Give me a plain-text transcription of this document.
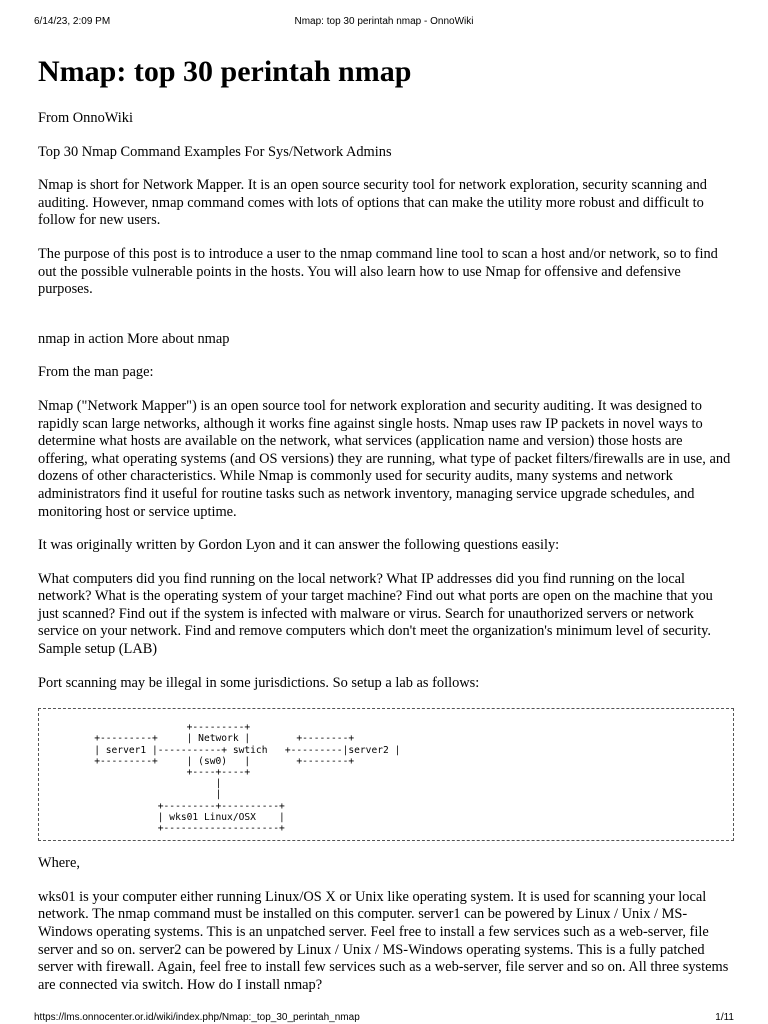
6/14/23, 2:09 PM	Nmap: top 30 perintah nmap - OnnoWiki
Nmap: top 30 perintah nmap

From OnnoWiki

Top 30 Nmap Command Examples For Sys/Network Admins

Nmap is short for Network Mapper. It is an open source security tool for network exploration, security scanning and auditing. However, nmap command comes with lots of options that can make the utility more robust and difficult to follow for new users.

The purpose of this post is to introduce a user to the nmap command line tool to scan a host and/or network, so to find out the possible vulnerable points in the hosts. You will also learn how to use Nmap for offensive and defensive purposes.

nmap in action More about nmap

From the man page:

Nmap ("Network Mapper") is an open source tool for network exploration and security auditing. It was designed to rapidly scan large networks, although it works fine against single hosts. Nmap uses raw IP packets in novel ways to determine what hosts are available on the network, what services (application name and version) those hosts are offering, what operating systems (and OS versions) they are running, what type of packet filters/firewalls are in use, and dozens of other characteristics. While Nmap is commonly used for security audits, many systems and network administrators find it useful for routine tasks such as network inventory, managing service upgrade schedules, and monitoring host or service uptime.

It was originally written by Gordon Lyon and it can answer the following questions easily:

What computers did you find running on the local network? What IP addresses did you find running on the local network? What is the operating system of your target machine? Find out what ports are open on the machine that you just scanned? Find out if the system is infected with malware or virus. Search for unauthorized servers or network service on your network. Find and remove computers which don't meet the organization's minimum level of security. Sample setup (LAB)

Port scanning may be illegal in some jurisdictions. So setup a lab as follows:

+---------+
+---------+     | Network |        +--------+
| server1 |-----------+ swtich   +---------|server2 |
+---------+     | (sw0)   |        +--------+
+----+----+
|
|
+---------+----------+
| wks01 Linux/OSX    |
+--------------------+

Where,

wks01 is your computer either running Linux/OS X or Unix like operating system. It is used for scanning your local network. The nmap command must be installed on this computer. server1 can be powered by Linux / Unix / MS-Windows operating systems. This is an unpatched server. Feel free to install a few services such as a web-server, file server and so on. server2 can be powered by Linux / Unix / MS-Windows operating systems. This is a fully patched server with firewall. Again, feel free to install few services such as a web-server, file server and so on. All three systems are connected via switch. How do I install nmap?

https://lms.onnocenter.or.id/wiki/index.php/Nmap:_top_30_perintah_nmap	1/11
